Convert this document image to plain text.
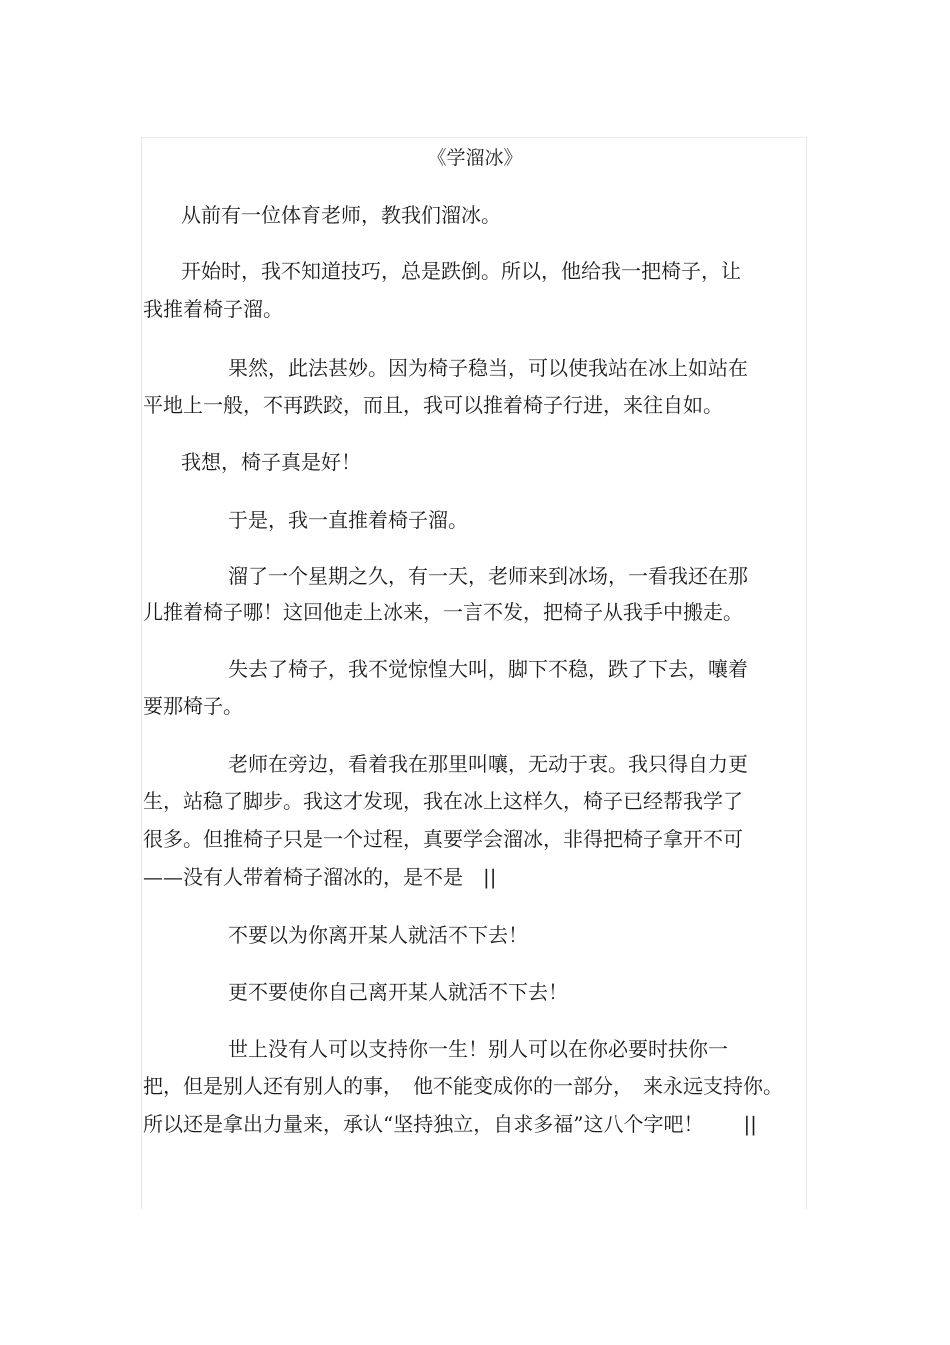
《学溜冰》
从前有一位体育老师，教我们溜冰。
开始时，我不知道技巧，总是跌倒。所以，他给我一把椅子，让
我推着椅子溜。
果然，此法甚妙。因为椅子稳当，可以使我站在冰上如站在
平地上一般，不再跌跤，而且，我可以推着椅子行进，来往自如。
我想，椅子真是好！
于是，我一直推着椅子溜。
溜了一个星期之久，有一天，老师来到冰场，一看我还在那
儿推着椅子哪！这回他走上冰来，一言不发，把椅子从我手中搬走。
失去了椅子，我不觉惊惶大叫，脚下不稳，跌了下去，嚷着
要那椅子。
老师在旁边，看着我在那里叫嚷，无动于衷。我只得自力更
生，站稳了脚步。我这才发现，我在冰上这样久，椅子已经帮我学了
很多。但推椅子只是一个过程，真要学会溜冰，非得把椅子拿开不可
——没有人带着椅子溜冰的，是不是　||
不要以为你离开某人就活不下去！
更不要使你自己离开某人就活不下去！
世上没有人可以支持你一生！别人可以在你必要时扶你一
把，但是别人还有别人的事，　他不能变成你的一部分，　来永远支持你。
所以还是拿出力量来，承认“坚持独立，自求多福”这八个字吧！　　||
